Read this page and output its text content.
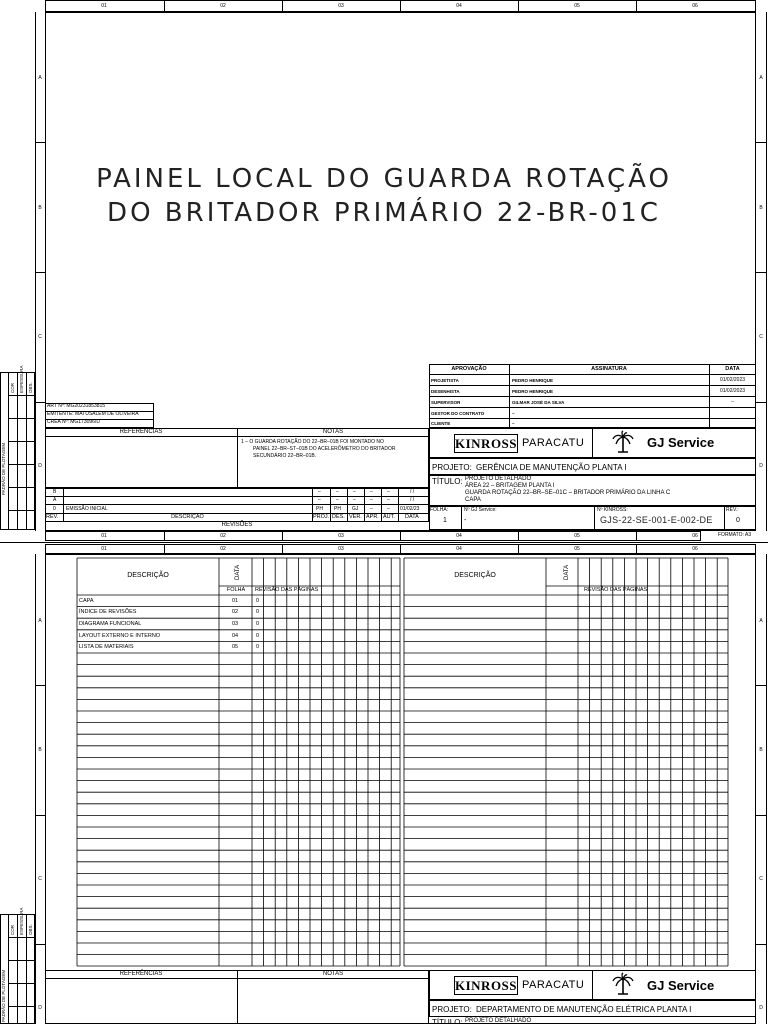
01	02	03	04	05	06
A
B
C
D
A
B
C
D
PAINEL LOCAL DO GUARDA ROTAÇÃO
DO BRITADOR PRIMÁRIO 22-BR-01C
PADRÃO DE PLOTAGEM
COR ESPESSURA OBS.
ART Nº: MG20231853815
EMITENTE: MATUSALEM DE OLIVEIRA
CREA Nº: MG173096/D
REFERÊNCIAS	NOTAS
1 – O GUARDA ROTAÇÃO DO 22–BR–01B FOI MONTADO NO
PAINEL 22–BR–ST–01B DO ACELERÔMETRO DO BRITADOR
SECUNDÁRIO 22–BR–01B.
B	–	–	–	–	–	/ /
A	–	–	–	–	–	/ /
0 EMISSÃO INICIAL	PH PH GJ –	– 01/02/23
REV.	DESCRIÇÃO	PROJ. DES. VER. APR. AUT. DATA
REVISÕES
APROVAÇÃO	ASSINATURA	DATA
PROJETISTA	PEDRO HENRIQUE	01/02/2023
DESENHISTA	PEDRO HENRIQUE	01/02/2023
SUPERVISOR	GILMAR JOSÉ DA SILVA	–
GESTOR DO CONTRATO	–
CLIENTE	–
KINROSS PARACATU	GJ Service
PROJETO: GERÊNCIA DE MANUTENÇÃO PLANTA I
TÍTULO: PROJETO DETALHADO
ÁREA 22 – BRITAGEM PLANTA I
GUARDA ROTAÇÃO 22–BR–SE–01C – BRITADOR PRIMÁRIO DA LINHA C
CAPA
FOLHA:
1
Nº GJ Service:
-
Nº KINROSS:
GJS-22-SE-001-E-002-DE
REV.:
0
01	02	03	04	05	06	FORMATO: A3
01	02	03	04	05	06
A
B
C
D
A
B
C
D
PADRÃO DE PLOTAGEM
COR ESPESSURA OBS.
DESCRIÇÃO	DATA
FOLHA	REVISÃO DAS PÁGINAS
DESCRIÇÃO	DATA
REVISÃO DAS PÁGINAS
CAPA	01	0
ÍNDICE DE REVISÕES	02	0
DIAGRAMA FUNCIONAL	03	0
LAYOUT EXTERNO E INTERNO	04	0
LISTA DE MATERIAIS	05	0
REFERÊNCIAS	NOTAS
KINROSS PARACATU	GJ Service
PROJETO: DEPARTAMENTO DE MANUTENÇÃO ELÉTRICA PLANTA I
TÍTULO: PROJETO DETALHADO
